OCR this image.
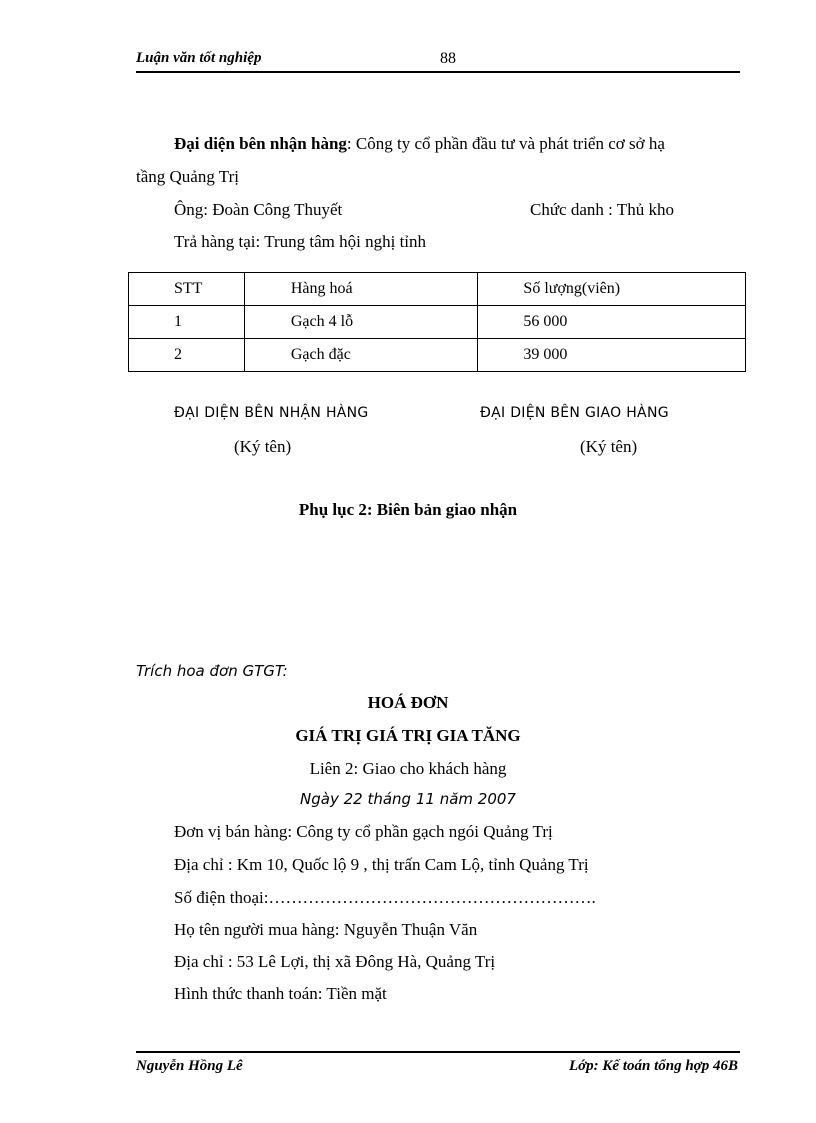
Luận văn tốt nghiệp	88
Đại diện bên nhận hàng: Công ty cổ phần đầu tư và phát triển cơ sở hạ
tầng Quảng Trị
Ông: Đoàn Công Thuyết	Chức danh : Thủ kho
Trả hàng tại: Trung tâm hội nghị tỉnh
STT	Hàng hoá	Số lượng(viên)
1	Gạch 4 lỗ	56 000
2	Gạch đặc	39 000
ĐẠI DIỆN BÊN NHẬN HÀNG
(Ký tên)
ĐẠI DIỆN BÊN GIAO HÀNG
(Ký tên)
Phụ lục 2: Biên bản giao nhận
Trích hoa đơn GTGT:
HOÁ ĐƠN
GIÁ TRỊ GIÁ TRỊ GIA TĂNG
Liên 2: Giao cho khách hàng
Ngày 22 tháng 11 năm 2007
Đơn vị bán hàng: Công ty cổ phần gạch ngói Quảng Trị
Địa chỉ : Km 10, Quốc lộ 9 , thị trấn Cam Lộ, tỉnh Quảng Trị
Số điện thoại:………………………………………………….
Họ tên người mua hàng: Nguyễn Thuận Văn
Địa chỉ : 53 Lê Lợi, thị xã Đông Hà, Quảng Trị
Hình thức thanh toán: Tiền mặt
Nguyễn Hồng Lê	Lớp: Kế toán tổng hợp 46B
